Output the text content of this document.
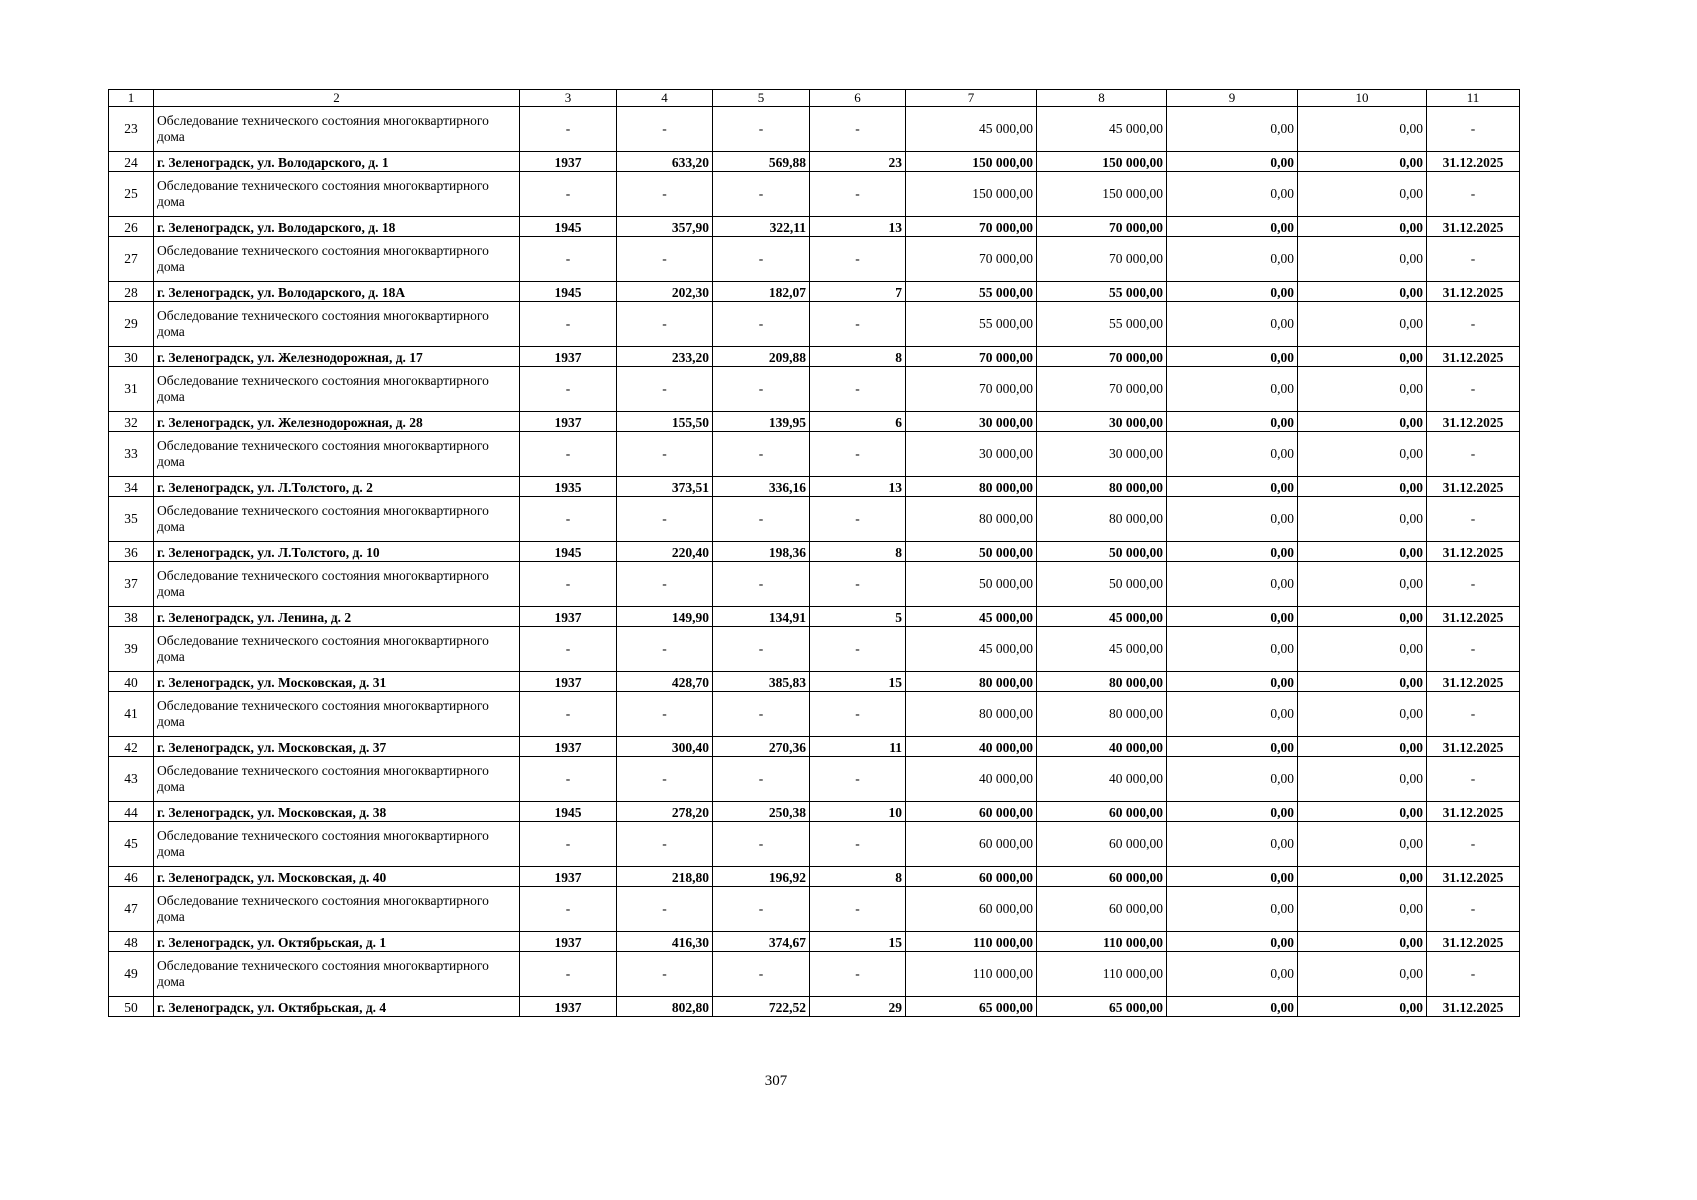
1	2	3	4	5	6	7	8	9	10	11
23	Обследование технического состояния многоквартирного дома	-	-	-	-	45 000,00	45 000,00	0,00	0,00	-
24	г. Зеленоградск, ул. Володарского, д. 1	1937	633,20	569,88	23	150 000,00	150 000,00	0,00	0,00	31.12.2025
25	Обследование технического состояния многоквартирного дома	-	-	-	-	150 000,00	150 000,00	0,00	0,00	-
26	г. Зеленоградск, ул. Володарского, д. 18	1945	357,90	322,11	13	70 000,00	70 000,00	0,00	0,00	31.12.2025
27	Обследование технического состояния многоквартирного дома	-	-	-	-	70 000,00	70 000,00	0,00	0,00	-
28	г. Зеленоградск, ул. Володарского, д. 18А	1945	202,30	182,07	7	55 000,00	55 000,00	0,00	0,00	31.12.2025
29	Обследование технического состояния многоквартирного дома	-	-	-	-	55 000,00	55 000,00	0,00	0,00	-
30	г. Зеленоградск, ул. Железнодорожная, д. 17	1937	233,20	209,88	8	70 000,00	70 000,00	0,00	0,00	31.12.2025
31	Обследование технического состояния многоквартирного дома	-	-	-	-	70 000,00	70 000,00	0,00	0,00	-
32	г. Зеленоградск, ул. Железнодорожная, д. 28	1937	155,50	139,95	6	30 000,00	30 000,00	0,00	0,00	31.12.2025
33	Обследование технического состояния многоквартирного дома	-	-	-	-	30 000,00	30 000,00	0,00	0,00	-
34	г. Зеленоградск, ул. Л.Толстого, д. 2	1935	373,51	336,16	13	80 000,00	80 000,00	0,00	0,00	31.12.2025
35	Обследование технического состояния многоквартирного дома	-	-	-	-	80 000,00	80 000,00	0,00	0,00	-
36	г. Зеленоградск, ул. Л.Толстого, д. 10	1945	220,40	198,36	8	50 000,00	50 000,00	0,00	0,00	31.12.2025
37	Обследование технического состояния многоквартирного дома	-	-	-	-	50 000,00	50 000,00	0,00	0,00	-
38	г. Зеленоградск, ул. Ленина, д. 2	1937	149,90	134,91	5	45 000,00	45 000,00	0,00	0,00	31.12.2025
39	Обследование технического состояния многоквартирного дома	-	-	-	-	45 000,00	45 000,00	0,00	0,00	-
40	г. Зеленоградск, ул. Московская, д. 31	1937	428,70	385,83	15	80 000,00	80 000,00	0,00	0,00	31.12.2025
41	Обследование технического состояния многоквартирного дома	-	-	-	-	80 000,00	80 000,00	0,00	0,00	-
42	г. Зеленоградск, ул. Московская, д. 37	1937	300,40	270,36	11	40 000,00	40 000,00	0,00	0,00	31.12.2025
43	Обследование технического состояния многоквартирного дома	-	-	-	-	40 000,00	40 000,00	0,00	0,00	-
44	г. Зеленоградск, ул. Московская, д. 38	1945	278,20	250,38	10	60 000,00	60 000,00	0,00	0,00	31.12.2025
45	Обследование технического состояния многоквартирного дома	-	-	-	-	60 000,00	60 000,00	0,00	0,00	-
46	г. Зеленоградск, ул. Московская, д. 40	1937	218,80	196,92	8	60 000,00	60 000,00	0,00	0,00	31.12.2025
47	Обследование технического состояния многоквартирного дома	-	-	-	-	60 000,00	60 000,00	0,00	0,00	-
48	г. Зеленоградск, ул. Октябрьская, д. 1	1937	416,30	374,67	15	110 000,00	110 000,00	0,00	0,00	31.12.2025
49	Обследование технического состояния многоквартирного дома	-	-	-	-	110 000,00	110 000,00	0,00	0,00	-
50	г. Зеленоградск, ул. Октябрьская, д. 4	1937	802,80	722,52	29	65 000,00	65 000,00	0,00	0,00	31.12.2025
307
